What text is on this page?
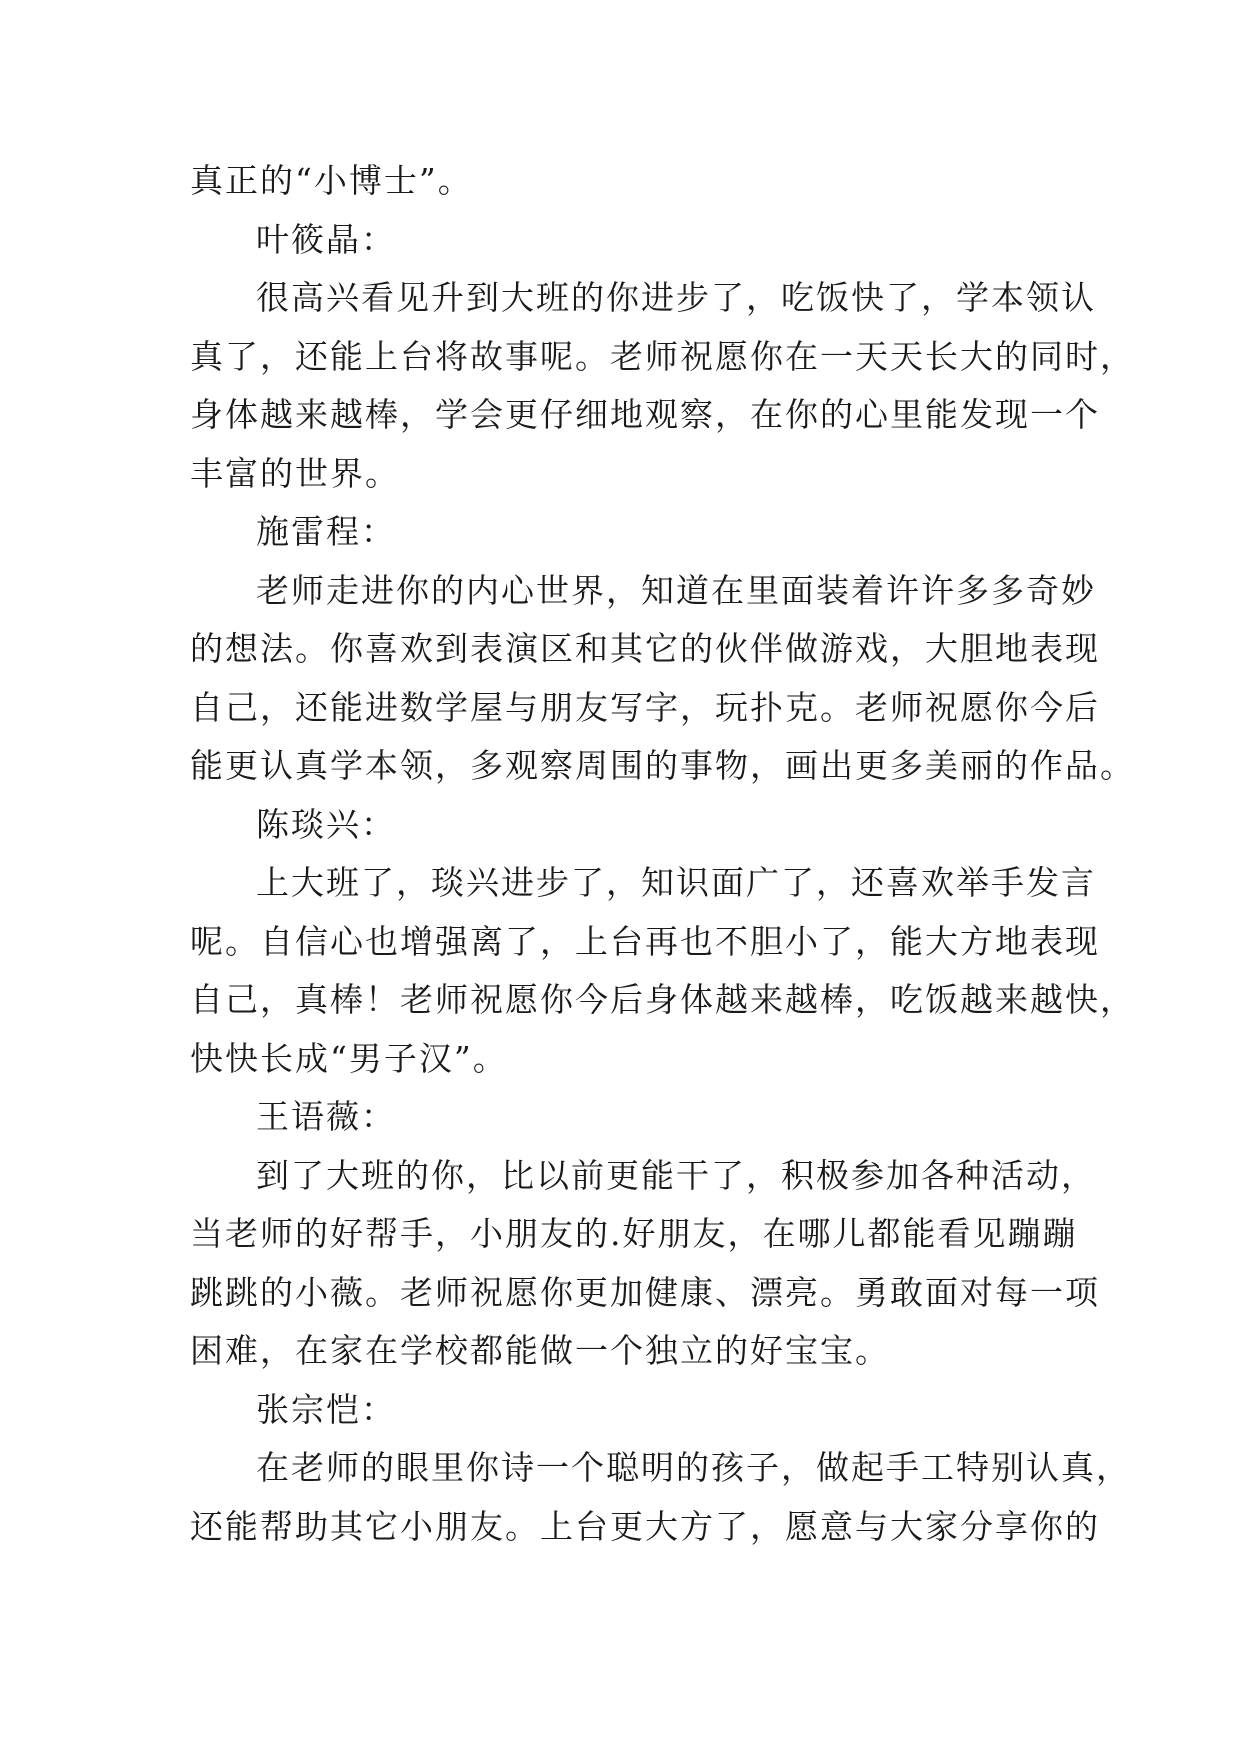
真正的“小博士”。
叶筱晶：
很高兴看见升到大班的你进步了，吃饭快了，学本领认
真了，还能上台将故事呢。老师祝愿你在一天天长大的同时，
身体越来越棒，学会更仔细地观察，在你的心里能发现一个
丰富的世界。
施雷程：
老师走进你的内心世界，知道在里面装着许许多多奇妙
的想法。你喜欢到表演区和其它的伙伴做游戏，大胆地表现
自己，还能进数学屋与朋友写字，玩扑克。老师祝愿你今后
能更认真学本领，多观察周围的事物，画出更多美丽的作品。
陈琰兴：
上大班了，琰兴进步了，知识面广了，还喜欢举手发言
呢。自信心也增强离了，上台再也不胆小了，能大方地表现
自己，真棒！老师祝愿你今后身体越来越棒，吃饭越来越快，
快快长成“男子汉”。
王语薇：
到了大班的你，比以前更能干了，积极参加各种活动，
当老师的好帮手，小朋友的.好朋友，在哪儿都能看见蹦蹦
跳跳的小薇。老师祝愿你更加健康、漂亮。勇敢面对每一项
困难，在家在学校都能做一个独立的好宝宝。
张宗恺：
在老师的眼里你诗一个聪明的孩子，做起手工特别认真，
还能帮助其它小朋友。上台更大方了，愿意与大家分享你的
